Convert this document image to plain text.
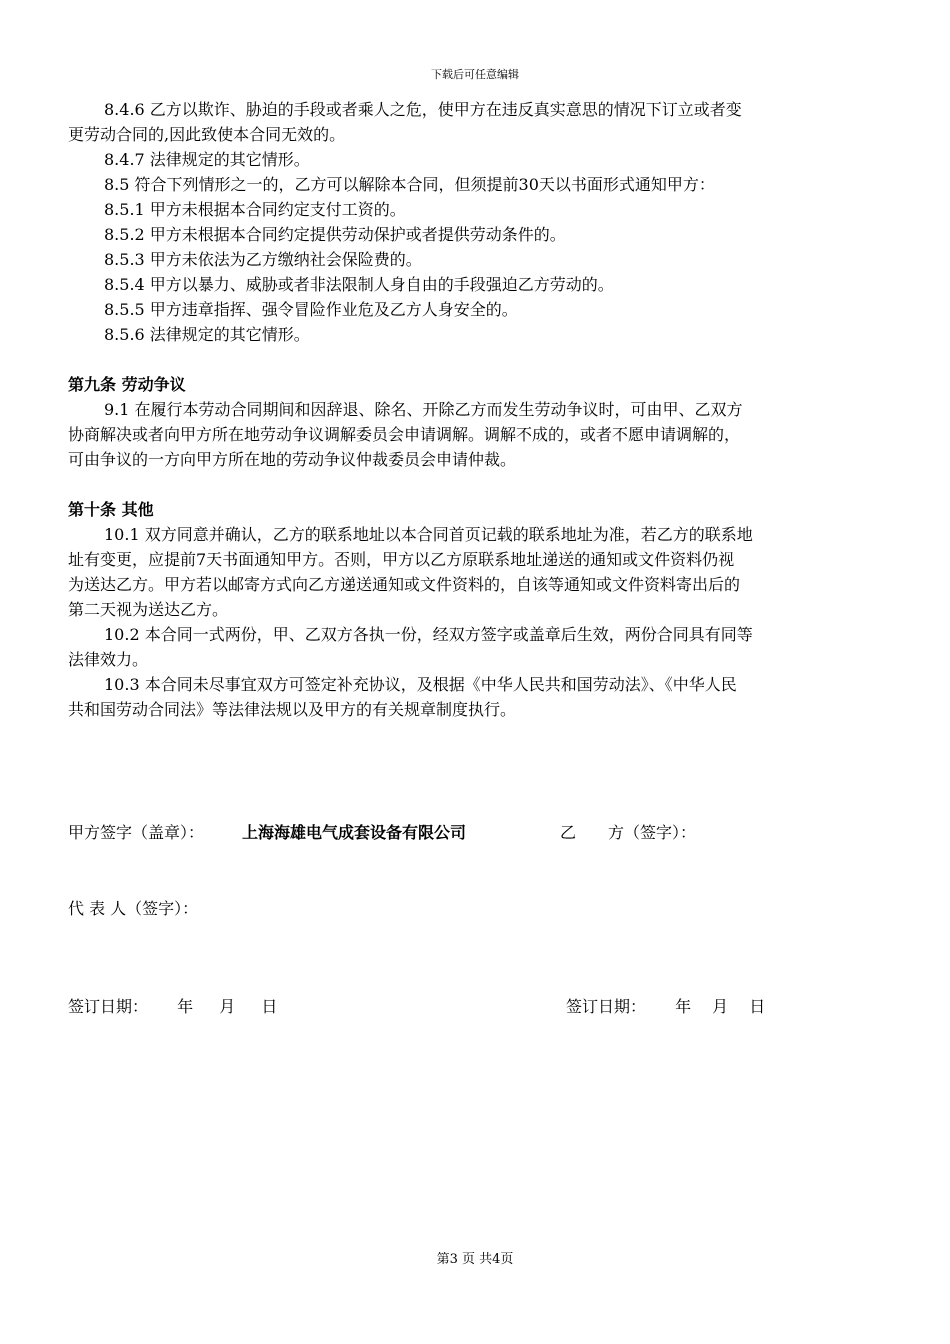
下载后可任意编辑
8.4.6 乙方以欺诈、胁迫的手段或者乘人之危，使甲方在违反真实意思的情况下订立或者变
更劳动合同的,因此致使本合同无效的。
8.4.7 法律规定的其它情形。
8.5 符合下列情形之一的，乙方可以解除本合同，但须提前30天以书面形式通知甲方：
8.5.1 甲方未根据本合同约定支付工资的。
8.5.2 甲方未根据本合同约定提供劳动保护或者提供劳动条件的。
8.5.3 甲方未依法为乙方缴纳社会保险费的。
8.5.4 甲方以暴力、威胁或者非法限制人身自由的手段强迫乙方劳动的。
8.5.5 甲方违章指挥、强令冒险作业危及乙方人身安全的。
8.5.6 法律规定的其它情形。
第九条 劳动争议
9.1 在履行本劳动合同期间和因辞退、除名、开除乙方而发生劳动争议时，可由甲、乙双方
协商解决或者向甲方所在地劳动争议调解委员会申请调解。调解不成的，或者不愿申请调解的，
可由争议的一方向甲方所在地的劳动争议仲裁委员会申请仲裁。
第十条 其他
10.1 双方同意并确认，乙方的联系地址以本合同首页记载的联系地址为准，若乙方的联系地
址有变更，应提前7天书面通知甲方。否则，甲方以乙方原联系地址递送的通知或文件资料仍视
为送达乙方。甲方若以邮寄方式向乙方递送通知或文件资料的，自该等通知或文件资料寄出后的
第二天视为送达乙方。
10.2 本合同一式两份，甲、乙双方各执一份，经双方签字或盖章后生效，两份合同具有同等
法律效力。
10.3 本合同未尽事宜双方可签定补充协议，及根据《中华人民共和国劳动法》、《中华人民
共和国劳动合同法》等法律法规以及甲方的有关规章制度执行。
甲方签字（盖章）： 上海海雄电气成套设备有限公司	乙　　方（签字）：
代 表 人（签字）：
签订日期：　　 年　  月　  日	签订日期：　　 年　 月　 日
第3 页 共4页
